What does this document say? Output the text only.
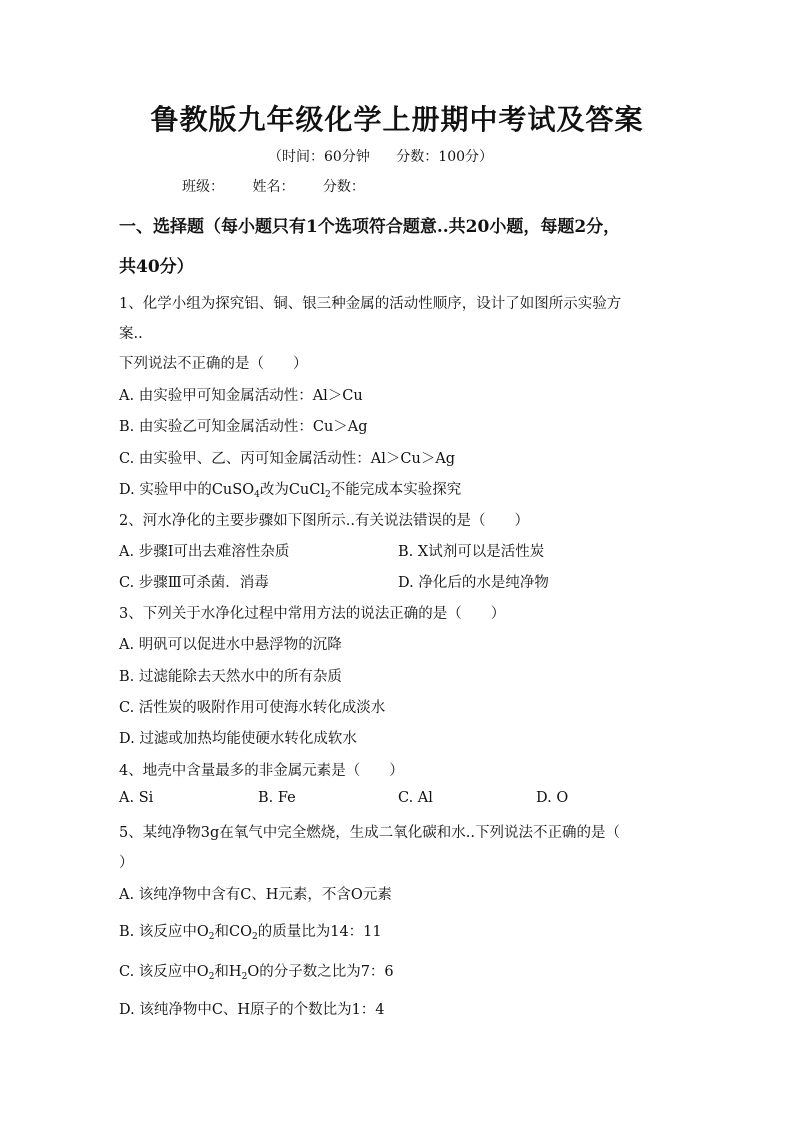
鲁教版九年级化学上册期中考试及答案
（时间：60分钟 分数：100分）
班级： 姓名： 分数：
一、选择题（每小题只有1个选项符合题意..共20小题，每题2分，
共40分）
1、化学小组为探究铝、铜、银三种金属的活动性顺序，设计了如图所示实验方
案..
下列说法不正确的是（　　）
A. 由实验甲可知金属活动性：Al＞Cu
B. 由实验乙可知金属活动性：Cu＞Ag
C. 由实验甲、乙、丙可知金属活动性：Al＞Cu＞Ag
D. 实验甲中的CuSO$_4$改为CuCl$_2$不能完成本实验探究
2、河水净化的主要步骤如下图所示..有关说法错误的是（　　）
A. 步骤Ⅰ可出去难溶性杂质	B. X试剂可以是活性炭
C. 步骤Ⅲ可杀菌．消毒	D. 净化后的水是纯净物
3、下列关于水净化过程中常用方法的说法正确的是（　　）
A. 明矾可以促进水中悬浮物的沉降
B. 过滤能除去天然水中的所有杂质
C. 活性炭的吸附作用可使海水转化成淡水
D. 过滤或加热均能使硬水转化成软水
4、地壳中含量最多的非金属元素是（　　）
A. Si	B. Fe	C. Al	D. O
5、某纯净物3g在氧气中完全燃烧，生成二氧化碳和水..下列说法不正确的是（
）
A. 该纯净物中含有C、H元素，不含O元素
B. 该反应中$O_2$和$CO_2$的质量比为14：11
C. 该反应中$O_2$和$H_2O$的分子数之比为7：6
D. 该纯净物中C、H原子的个数比为1：4
